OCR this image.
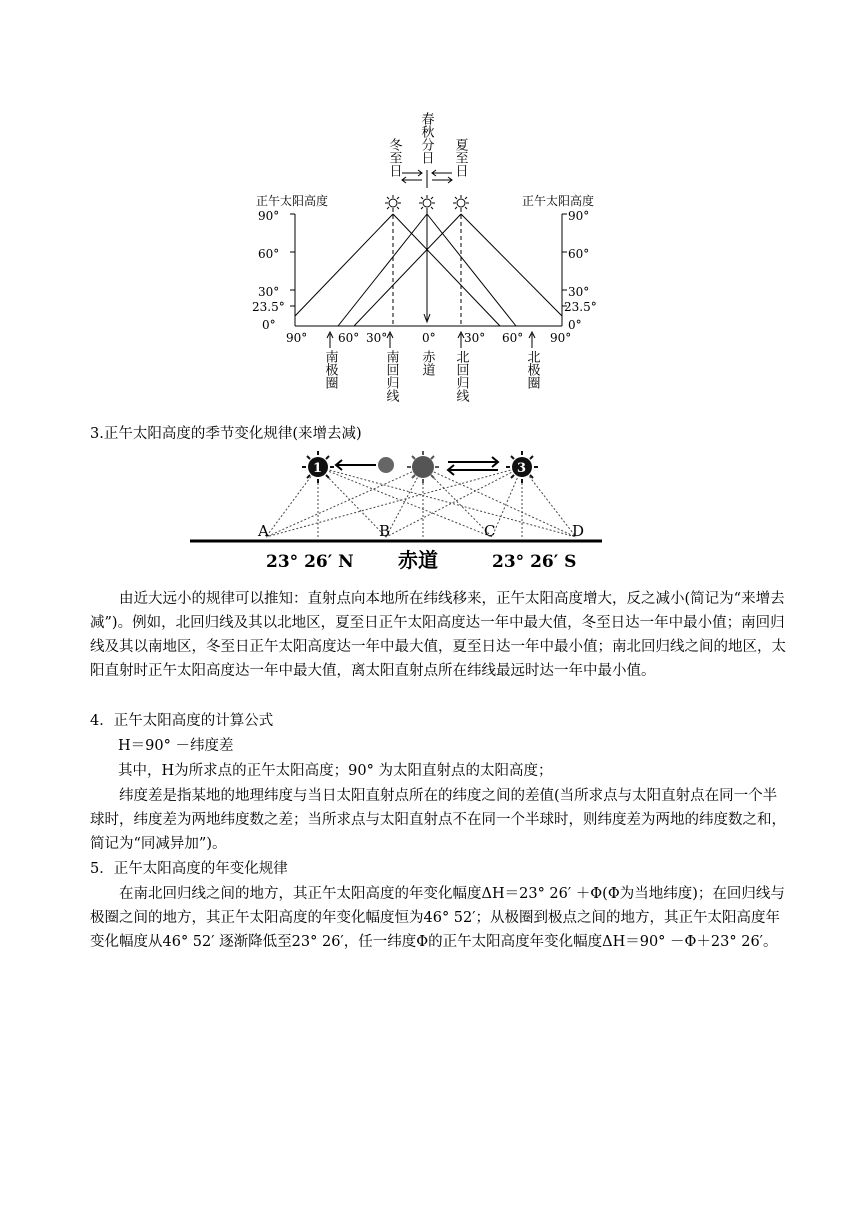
冬至日 春秋分日 夏至日
正午太阳高度	正午太阳高度
90°
60°
30°
23.5°
0°
90°
60°
30°
23.5°
0°
90°	60° 30°	0° 30° 60° 90°
南极圈	南回归线 赤道 北回归线	北极圈
3.正午太阳高度的季节变化规律(来增去减)
1	3
A	B	C	D
23° 26′ N 赤道	23° 26′ S
由近大远小的规律可以推知：直射点向本地所在纬线移来，正午太阳高度增大，反之减小(简记为“来增去减”)。例如，北回归线及其以北地区，夏至日正午太阳高度达一年中最大值，冬至日达一年中最小值；南回归线及其以南地区，冬至日正午太阳高度达一年中最大值，夏至日达一年中最小值；南北回归线之间的地区，太阳直射时正午太阳高度达一年中最大值，离太阳直射点所在纬线最远时达一年中最小值。
4．正午太阳高度的计算公式
H＝90° －纬度差
其中，H为所求点的正午太阳高度；90° 为太阳直射点的太阳高度；
纬度差是指某地的地理纬度与当日太阳直射点所在的纬度之间的差值(当所求点与太阳直射点在同一个半球时，纬度差为两地纬度数之差；当所求点与太阳直射点不在同一个半球时，则纬度差为两地的纬度数之和，简记为“同减异加”)。
5．正午太阳高度的年变化规律
在南北回归线之间的地方，其正午太阳高度的年变化幅度ΔH＝23° 26′ ＋Φ(Φ为当地纬度)；在回归线与极圈之间的地方，其正午太阳高度的年变化幅度恒为46° 52′；从极圈到极点之间的地方，其正午太阳高度年变化幅度从46° 52′ 逐渐降低至23° 26′，任一纬度Φ的正午太阳高度年变化幅度ΔH＝90° －Φ＋23° 26′。
